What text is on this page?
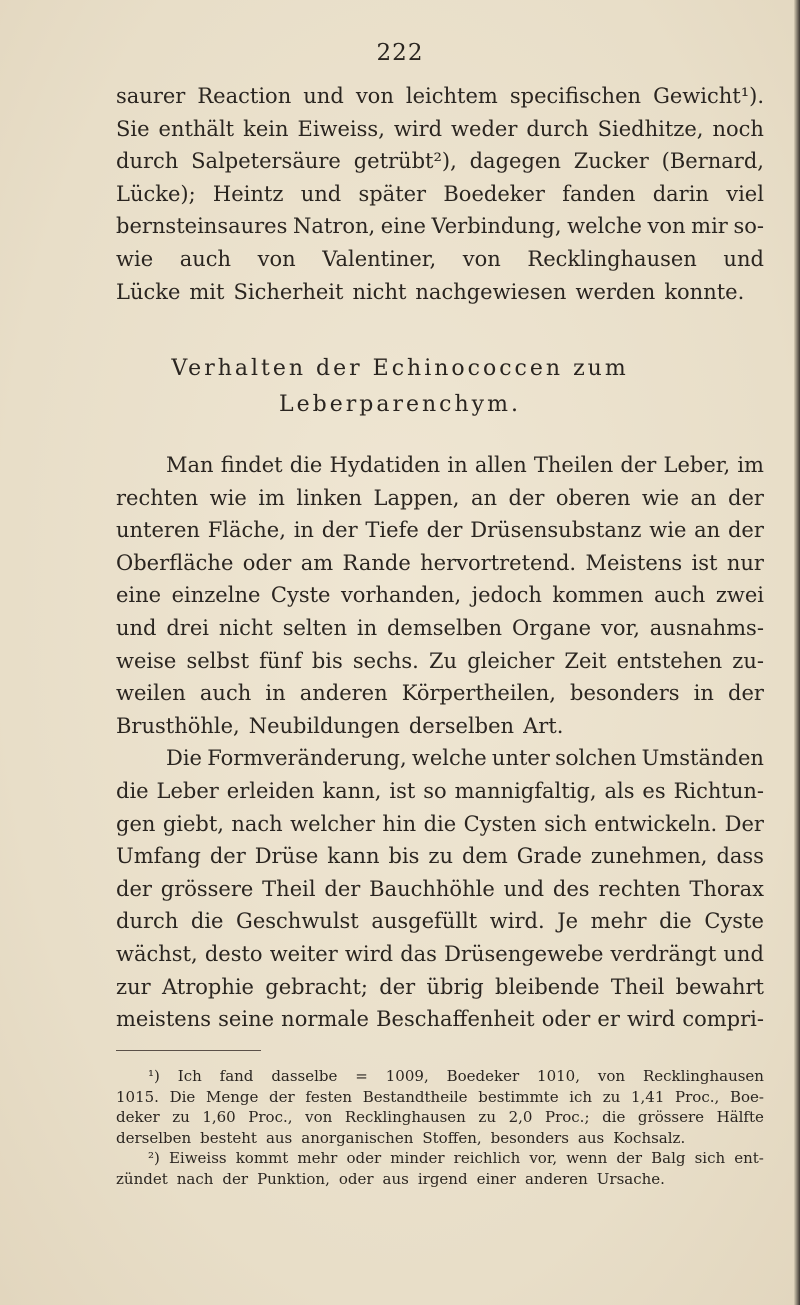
222
saurer Reaction und von leichtem specifischen Gewicht¹).
Sie enthält kein Eiweiss, wird weder durch Siedhitze, noch
durch Salpetersäure getrübt²), dagegen Zucker (Bernard,
Lücke); Heintz und später Boedeker fanden darin viel
bernsteinsaures Natron, eine Verbindung, welche von mir so-
wie auch von Valentiner, von Recklinghausen und
Lücke mit Sicherheit nicht nachgewiesen werden konnte.
Verhalten der Echinococcen zum
Leberparenchym.
Man findet die Hydatiden in allen Theilen der Leber, im
rechten wie im linken Lappen, an der oberen wie an der
unteren Fläche, in der Tiefe der Drüsensubstanz wie an der
Oberfläche oder am Rande hervortretend. Meistens ist nur
eine einzelne Cyste vorhanden, jedoch kommen auch zwei
und drei nicht selten in demselben Organe vor, ausnahms-
weise selbst fünf bis sechs. Zu gleicher Zeit entstehen zu-
weilen auch in anderen Körpertheilen, besonders in der
Brusthöhle, Neubildungen derselben Art.
Die Formveränderung, welche unter solchen Umständen
die Leber erleiden kann, ist so mannigfaltig, als es Richtun-
gen giebt, nach welcher hin die Cysten sich entwickeln. Der
Umfang der Drüse kann bis zu dem Grade zunehmen, dass
der grössere Theil der Bauchhöhle und des rechten Thorax
durch die Geschwulst ausgefüllt wird. Je mehr die Cyste
wächst, desto weiter wird das Drüsengewebe verdrängt und
zur Atrophie gebracht; der übrig bleibende Theil bewahrt
meistens seine normale Beschaffenheit oder er wird compri-
¹) Ich fand dasselbe = 1009, Boedeker 1010, von Recklinghausen
1015. Die Menge der festen Bestandtheile bestimmte ich zu 1,41 Proc., Boe-
deker zu 1,60 Proc., von Recklinghausen zu 2,0 Proc.; die grössere Hälfte
derselben besteht aus anorganischen Stoffen, besonders aus Kochsalz.
²) Eiweiss kommt mehr oder minder reichlich vor, wenn der Balg sich ent-
zündet nach der Punktion, oder aus irgend einer anderen Ursache.
